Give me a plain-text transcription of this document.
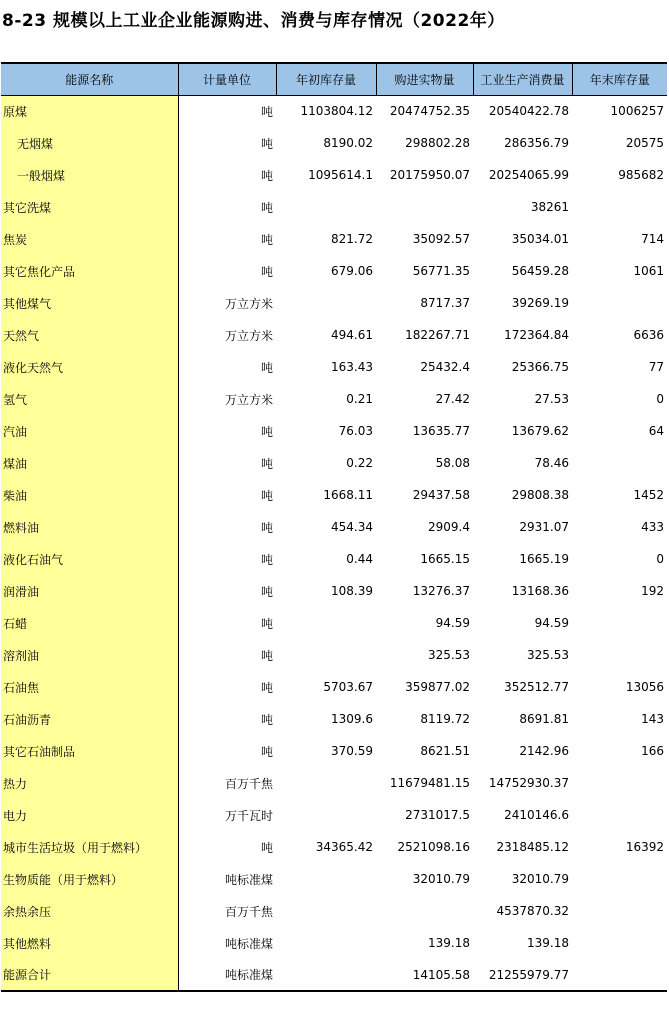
8-23 规模以上工业企业能源购进、消费与库存情况（2022年）
能源名称	计量单位	年初库存量	购进实物量	工业生产消费量	年末库存量
原煤	吨	1103804.12	20474752.35	20540422.78	1006257
无烟煤	吨	8190.02	298802.28	286356.79	20575
一般烟煤	吨	1095614.1	20175950.07	20254065.99	985682
其它洗煤	吨			38261	
焦炭	吨	821.72	35092.57	35034.01	714
其它焦化产品	吨	679.06	56771.35	56459.28	1061
其他煤气	万立方米		8717.37	39269.19	
天然气	万立方米	494.61	182267.71	172364.84	6636
液化天然气	吨	163.43	25432.4	25366.75	77
氢气	万立方米	0.21	27.42	27.53	0
汽油	吨	76.03	13635.77	13679.62	64
煤油	吨	0.22	58.08	78.46	
柴油	吨	1668.11	29437.58	29808.38	1452
燃料油	吨	454.34	2909.4	2931.07	433
液化石油气	吨	0.44	1665.15	1665.19	0
润滑油	吨	108.39	13276.37	13168.36	192
石蜡	吨		94.59	94.59	
溶剂油	吨		325.53	325.53	
石油焦	吨	5703.67	359877.02	352512.77	13056
石油沥青	吨	1309.6	8119.72	8691.81	143
其它石油制品	吨	370.59	8621.51	2142.96	166
热力	百万千焦		11679481.15	14752930.37	
电力	万千瓦时		2731017.5	2410146.6	
城市生活垃圾（用于燃料）	吨	34365.42	2521098.16	2318485.12	16392
生物质能（用于燃料）	吨标准煤		32010.79	32010.79	
余热余压	百万千焦			4537870.32	
其他燃料	吨标准煤		139.18	139.18	
能源合计	吨标准煤		14105.58	21255979.77	
